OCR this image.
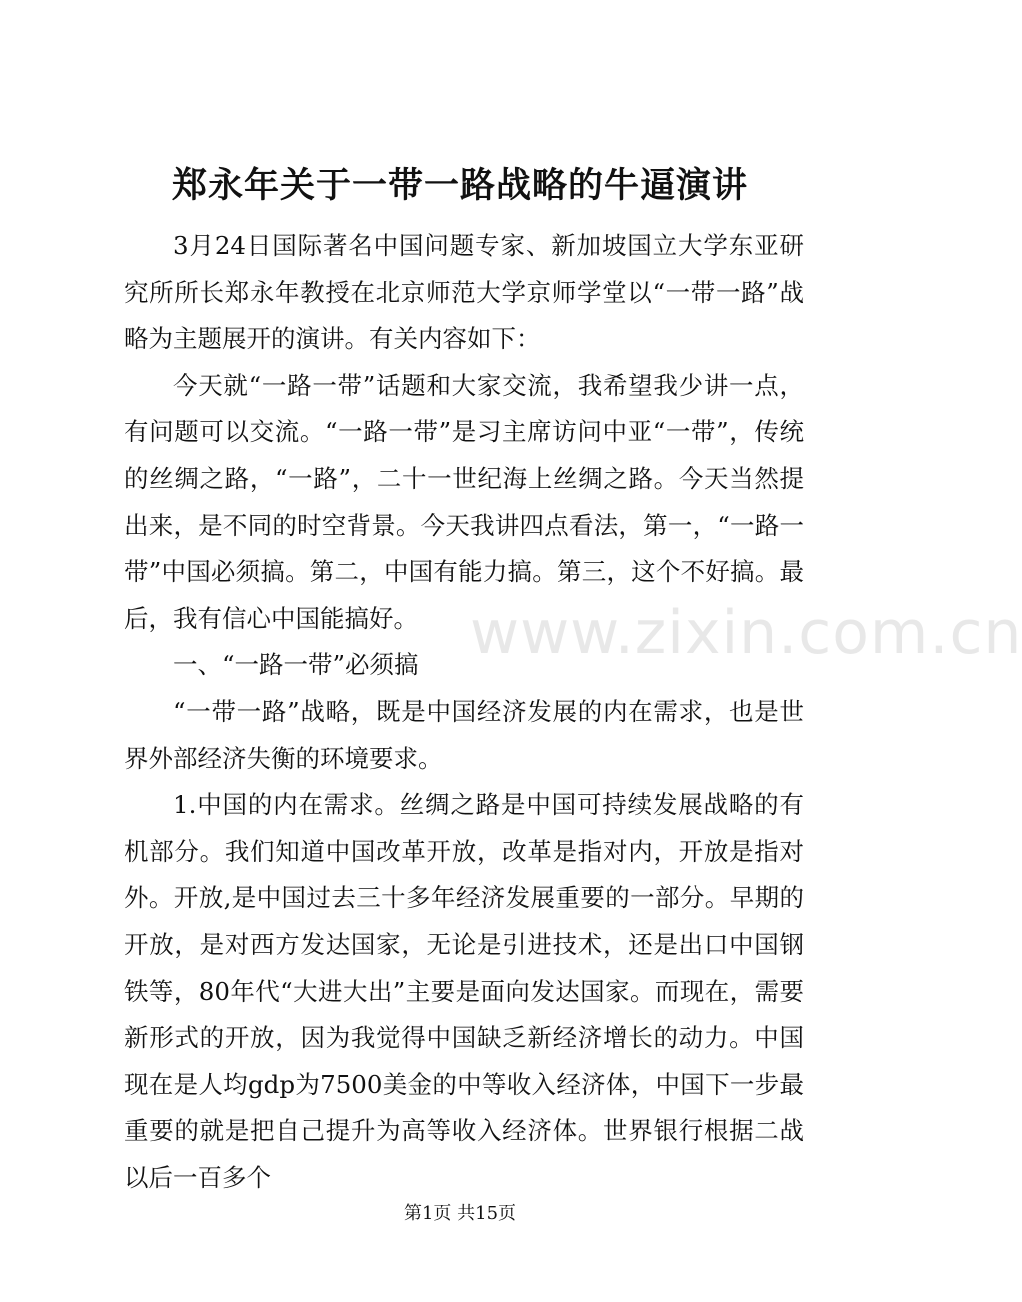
郑永年关于一带一路战略的牛逼演讲

3月24日国际著名中国问题专家、新加坡国立大学东亚研究所所长郑永年教授在北京师范大学京师学堂以“一带一路”战略为主题展开的演讲。有关内容如下：

今天就“一路一带”话题和大家交流，我希望我少讲一点，有问题可以交流。“一路一带”是习主席访问中亚“一带”，传统的丝绸之路，“一路”，二十一世纪海上丝绸之路。今天当然提出来，是不同的时空背景。今天我讲四点看法，第一，“一路一带”中国必须搞。第二，中国有能力搞。第三，这个不好搞。最后，我有信心中国能搞好。

一、“一路一带”必须搞

“一带一路”战略，既是中国经济发展的内在需求，也是世界外部经济失衡的环境要求。

1.中国的内在需求。丝绸之路是中国可持续发展战略的有机部分。我们知道中国改革开放，改革是指对内，开放是指对外。开放,是中国过去三十多年经济发展重要的一部分。早期的开放，是对西方发达国家，无论是引进技术，还是出口中国钢铁等，80年代“大进大出”主要是面向发达国家。而现在，需要新形式的开放，因为我觉得中国缺乏新经济增长的动力。中国现在是人均gdp为7500美金的中等收入经济体，中国下一步最重要的就是把自己提升为高等收入经济体。世界银行根据二战以后一百多个

www.zixin.com.cn
第1页 共15页
